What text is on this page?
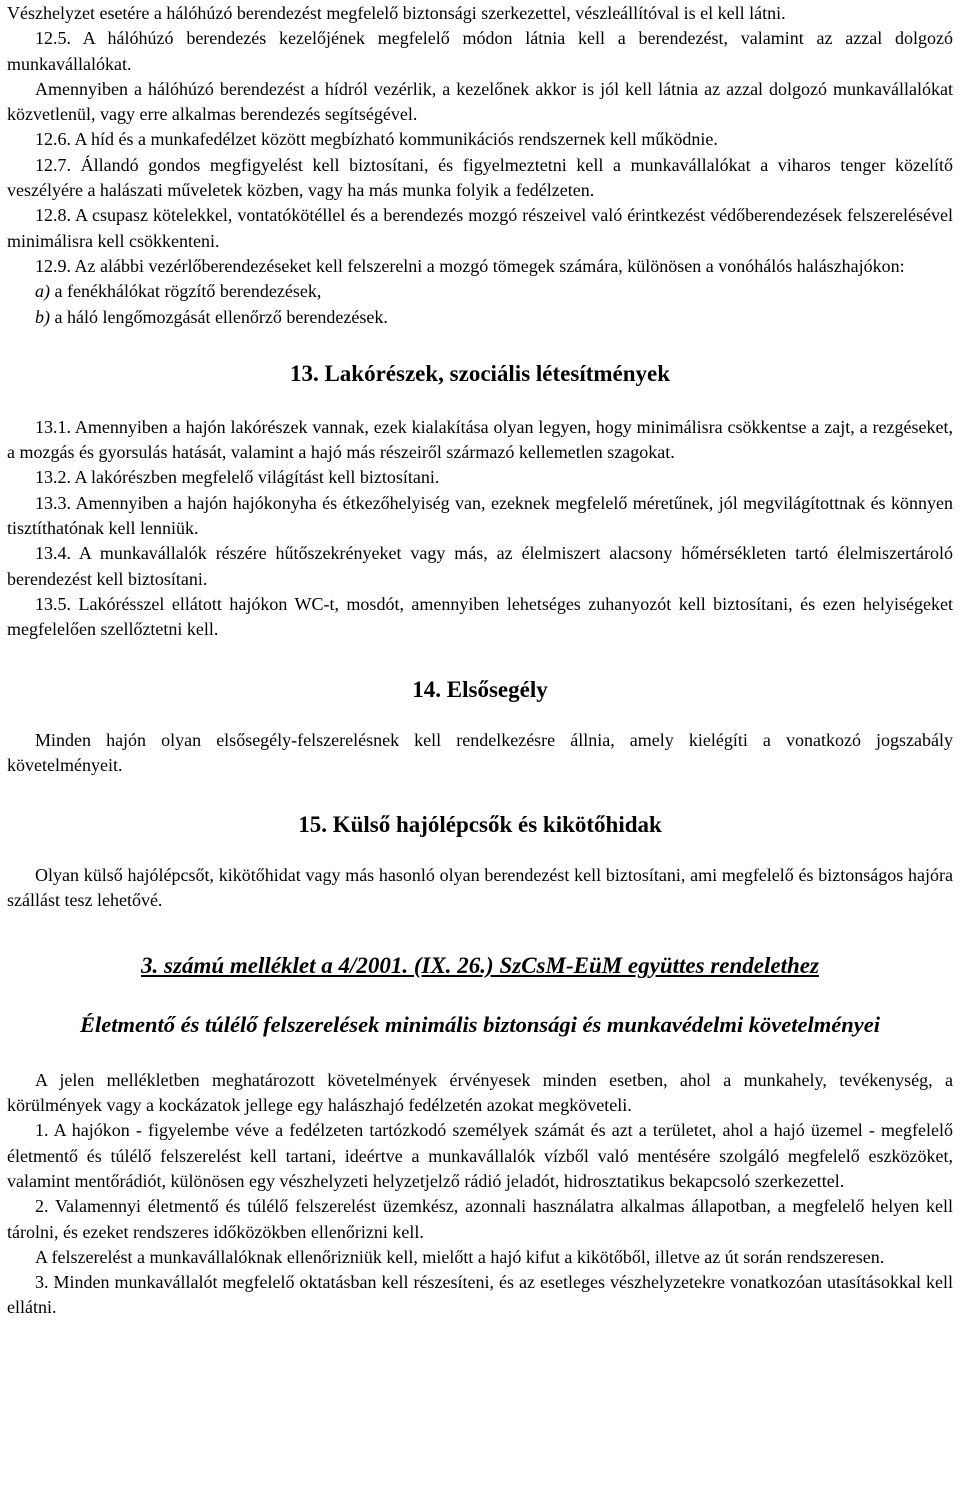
Vészhelyzet esetére a hálóhúzó berendezést megfelelő biztonsági szerkezettel, vészleállítóval is el kell látni.

12.5. A hálóhúzó berendezés kezelőjének megfelelő módon látnia kell a berendezést, valamint az azzal dolgozó munkavállalókat.

Amennyiben a hálóhúzó berendezést a hídról vezérlik, a kezelőnek akkor is jól kell látnia az azzal dolgozó munkavállalókat közvetlenül, vagy erre alkalmas berendezés segítségével.

12.6. A híd és a munkafedélzet között megbízható kommunikációs rendszernek kell működnie.

12.7. Állandó gondos megfigyelést kell biztosítani, és figyelmeztetni kell a munkavállalókat a viharos tenger közelítő veszélyére a halászati műveletek közben, vagy ha más munka folyik a fedélzeten.

12.8. A csupasz kötelekkel, vontatókötéllel és a berendezés mozgó részeivel való érintkezést védőberendezések felszerelésével minimálisra kell csökkenteni.

12.9. Az alábbi vezérlőberendezéseket kell felszerelni a mozgó tömegek számára, különösen a vonóhálós halászhajókon:

a) a fenékhálókat rögzítő berendezések,

b) a háló lengőmozgását ellenőrző berendezések.

13. Lakórészek, szociális létesítmények

13.1. Amennyiben a hajón lakórészek vannak, ezek kialakítása olyan legyen, hogy minimálisra csökkentse a zajt, a rezgéseket, a mozgás és gyorsulás hatását, valamint a hajó más részeiről származó kellemetlen szagokat.

13.2. A lakórészben megfelelő világítást kell biztosítani.

13.3. Amennyiben a hajón hajókonyha és étkezőhelyiség van, ezeknek megfelelő méretűnek, jól megvilágítottnak és könnyen tisztíthatónak kell lenniük.

13.4. A munkavállalók részére hűtőszekrényeket vagy más, az élelmiszert alacsony hőmérsékleten tartó élelmiszertároló berendezést kell biztosítani.

13.5. Lakórésszel ellátott hajókon WC-t, mosdót, amennyiben lehetséges zuhanyozót kell biztosítani, és ezen helyiségeket megfelelően szellőztetni kell.

14. Elsősegély

Minden hajón olyan elsősegély-felszerelésnek kell rendelkezésre állnia, amely kielégíti a vonatkozó jogszabály követelményeit.

15. Külső hajólépcsők és kikötőhidak

Olyan külső hajólépcsőt, kikötőhidat vagy más hasonló olyan berendezést kell biztosítani, ami megfelelő és biztonságos hajóra szállást tesz lehetővé.

3. számú melléklet a 4/2001. (IX. 26.) SzCsM-EüM együttes rendelethez
Életmentő és túlélő felszerelések minimális biztonsági és munkavédelmi követelményei

A jelen mellékletben meghatározott követelmények érvényesek minden esetben, ahol a munkahely, tevékenység, a körülmények vagy a kockázatok jellege egy halászhajó fedélzetén azokat megköveteli.

1. A hajókon - figyelembe véve a fedélzeten tartózkodó személyek számát és azt a területet, ahol a hajó üzemel - megfelelő életmentő és túlélő felszerelést kell tartani, ideértve a munkavállalók vízből való mentésére szolgáló megfelelő eszközöket, valamint mentőrádiót, különösen egy vészhelyzeti helyzetjelző rádió jeladót, hidrosztatikus bekapcsoló szerkezettel.

2. Valamennyi életmentő és túlélő felszerelést üzemkész, azonnali használatra alkalmas állapotban, a megfelelő helyen kell tárolni, és ezeket rendszeres időközökben ellenőrizni kell.

A felszerelést a munkavállalóknak ellenőrizniük kell, mielőtt a hajó kifut a kikötőből, illetve az út során rendszeresen.

3. Minden munkavállalót megfelelő oktatásban kell részesíteni, és az esetleges vészhelyzetekre vonatkozóan utasításokkal kell ellátni.
